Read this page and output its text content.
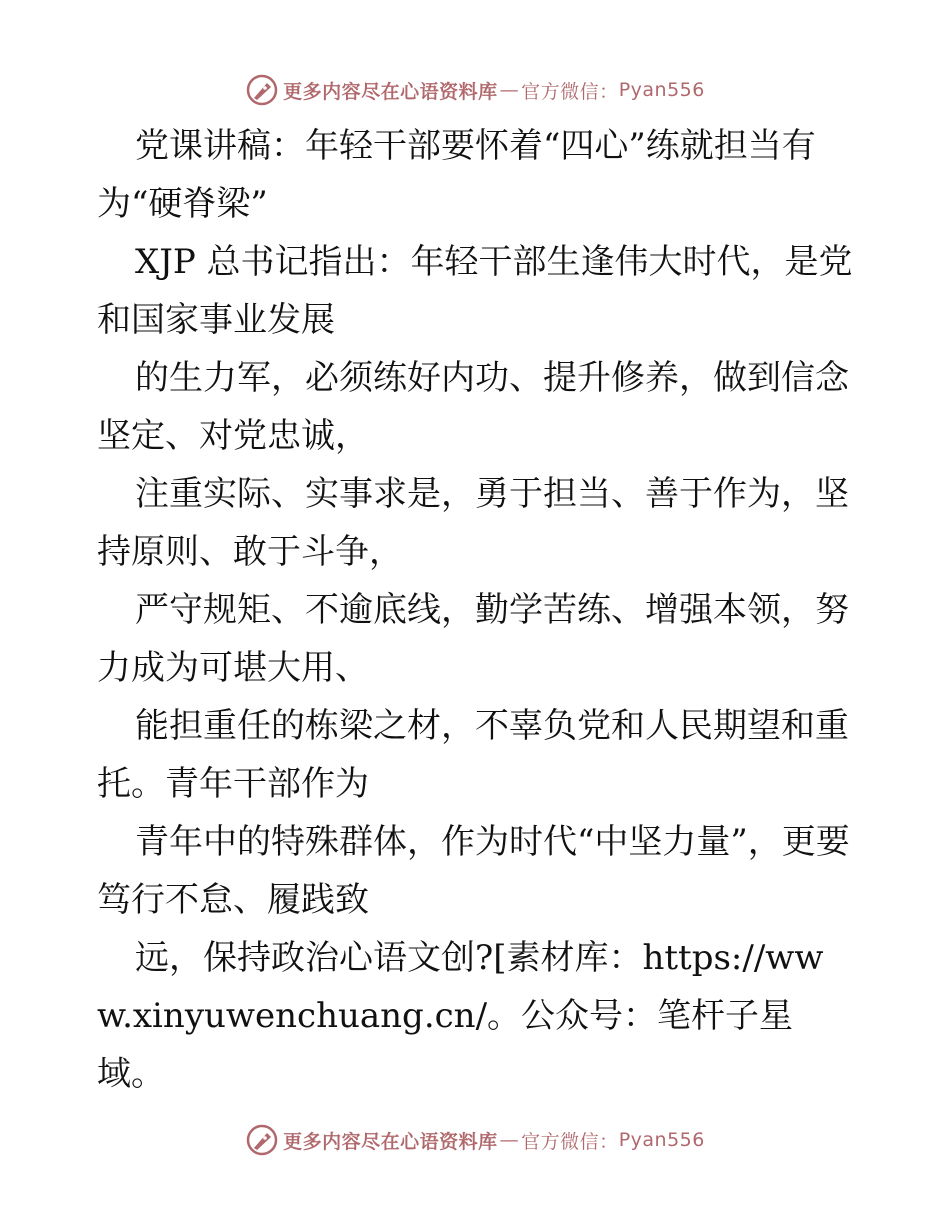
更多内容尽在心语资料库 — 官方微信： Pyan556

党课讲稿：年轻干部要怀着“四心”练就担当有为“硬脊梁”

XJP 总书记指出：年轻干部生逢伟大时代，是党和国家事业发展

的生力军，必须练好内功、提升修养，做到信念坚定、对党忠诚，

注重实际、实事求是，勇于担当、善于作为，坚持原则、敢于斗争，

严守规矩、不逾底线，勤学苦练、增强本领，努力成为可堪大用、

能担重任的栋梁之材，不辜负党和人民期望和重托。青年干部作为

青年中的特殊群体，作为时代“中坚力量”，更要笃行不怠、履践致

远，保持政治心语文创?[素材库：https://www.xinyuwenchuang.cn/。公众号：笔杆子星域。

更多内容尽在心语资料库 — 官方微信： Pyan556
